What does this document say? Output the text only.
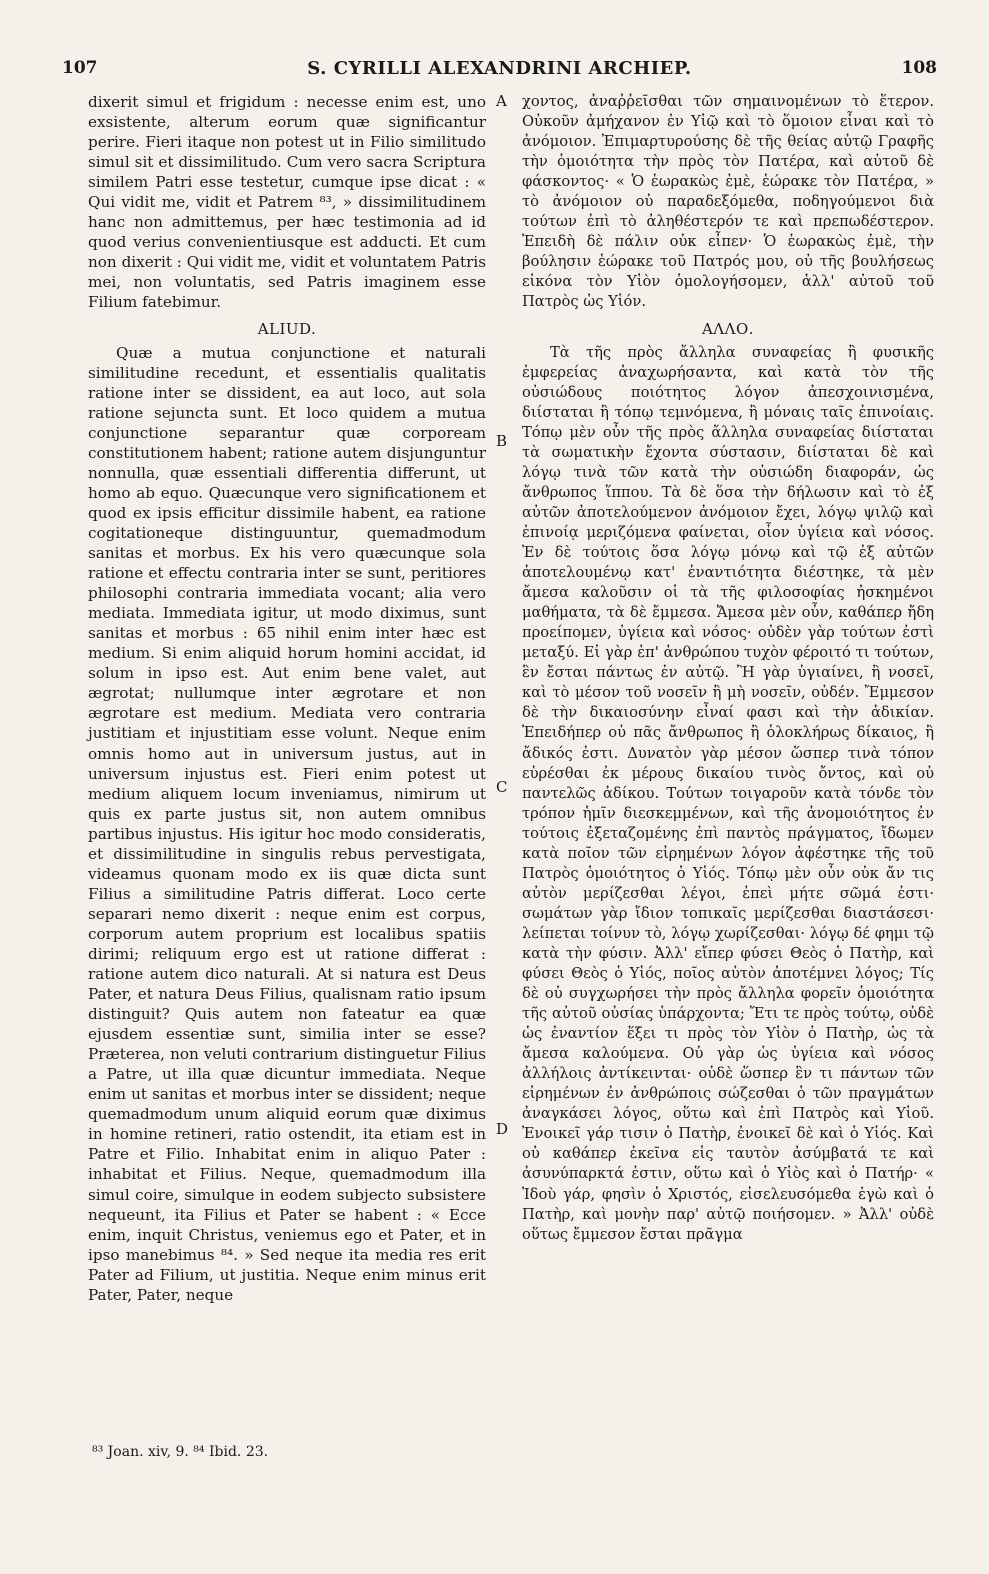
107	S. CYRILLI ALEXANDRINI ARCHIEP.	108

dixerit simul et frigidum : necesse enim est, uno exsistente, alterum eorum quæ significantur perire. Fieri itaque non potest ut in Filio similitudo simul sit et dissimilitudo. Cum vero sacra Scriptura similem Patri esse testetur, cumque ipse dicat : « Qui vidit me, vidit et Patrem ⁸³, » dissimilitudinem hanc non admittemus, per hæc testimonia ad id quod verius convenientiusque est adducti. Et cum non dixerit : Qui vidit me, vidit et voluntatem Patris mei, non voluntatis, sed Patris imaginem esse Filium fatebimur.

ALIUD.

Quæ a mutua conjunctione et naturali similitudine recedunt, et essentialis qualitatis ratione inter se dissident, ea aut loco, aut sola ratione sejuncta sunt. Et loco quidem a mutua conjunctione separantur quæ corpoream constitutionem habent; ratione autem disjunguntur nonnulla, quæ essentiali differentia differunt, ut homo ab equo. Quæcunque vero significationem et quod ex ipsis efficitur dissimile habent, ea ratione cogitationeque distinguuntur, quemadmodum sanitas et morbus. Ex his vero quæcunque sola ratione et effectu contraria inter se sunt, peritiores philosophi contraria immediata vocant; alia vero mediata. Immediata igitur, ut modo diximus, sunt sanitas et morbus : 65 nihil enim inter hæc est medium. Si enim aliquid horum homini accidat, id solum in ipso est. Aut enim bene valet, aut ægrotat; nullumque inter ægrotare et non ægrotare est medium. Mediata vero contraria justitiam et injustitiam esse volunt. Neque enim omnis homo aut in universum justus, aut in universum injustus est. Fieri enim potest ut medium aliquem locum inveniamus, nimirum ut quis ex parte justus sit, non autem omnibus partibus injustus. His igitur hoc modo consideratis, et dissimilitudine in singulis rebus pervestigata, videamus quonam modo ex iis quæ dicta sunt Filius a similitudine Patris differat. Loco certe separari nemo dixerit : neque enim est corpus, corporum autem proprium est localibus spatiis dirimi; reliquum ergo est ut ratione differat : ratione autem dico naturali. At si natura est Deus Pater, et natura Deus Filius, qualisnam ratio ipsum distinguit? Quis autem non fateatur ea quæ ejusdem essentiæ sunt, similia inter se esse? Præterea, non veluti contrarium distinguetur Filius a Patre, ut illa quæ dicuntur immediata. Neque enim ut sanitas et morbus inter se dissident; neque quemadmodum unum aliquid eorum quæ diximus in homine retineri, ratio ostendit, ita etiam est in Patre et Filio. Inhabitat enim in aliquo Pater : inhabitat et Filius. Neque, quemadmodum illa simul coire, simulque in eodem subjecto subsistere nequeunt, ita Filius et Pater se habent : « Ecce enim, inquit Christus, veniemus ego et Pater, et in ipso manebimus ⁸⁴. » Sed neque ita media res erit Pater ad Filium, ut justitia. Neque enim minus erit Pater, Pater, neque

χοντος, ἀναῤῥεῖσθαι τῶν σημαινομένων τὸ ἕτερον. Οὐκοῦν ἀμήχανον ἐν Υἱῷ καὶ τὸ ὅμοιον εἶναι καὶ τὸ ἀνόμοιον. Ἐπιμαρτυρούσης δὲ τῆς θείας αὐτῷ Γραφῆς τὴν ὁμοιότητα τὴν πρὸς τὸν Πατέρα, καὶ αὐτοῦ δὲ φάσκοντος· « Ὁ ἑωρακὼς ἐμὲ, ἑώρακε τὸν Πατέρα, » τὸ ἀνόμοιον οὐ παραδεξόμεθα, ποδηγούμενοι διὰ τούτων ἐπὶ τὸ ἀληθέστερόν τε καὶ πρεπωδέστερον. Ἐπειδὴ δὲ πάλιν οὐκ εἶπεν· Ὁ ἑωρακὼς ἐμὲ, τὴν βούλησιν ἑώρακε τοῦ Πατρός μου, οὐ τῆς βουλήσεως εἰκόνα τὸν Υἱὸν ὁμολογήσομεν, ἀλλ' αὐτοῦ τοῦ Πατρὸς ὡς Υἱόν.

ΑΛΛΟ.

Τὰ τῆς πρὸς ἄλληλα συναφείας ἢ φυσικῆς ἐμφερείας ἀναχωρήσαντα, καὶ κατὰ τὸν τῆς οὐσιώδους ποιότητος λόγον ἀπεσχοινισμένα, διίσταται ἢ τόπῳ τεμνόμενα, ἢ μόναις ταῖς ἐπινοίαις. Τόπῳ μὲν οὖν τῆς πρὸς ἄλληλα συναφείας διίσταται τὰ σωματικὴν ἔχοντα σύστασιν, διίσταται δὲ καὶ λόγῳ τινὰ τῶν κατὰ τὴν οὐσιώδη διαφοράν, ὡς ἄνθρωπος ἵππου. Τὰ δὲ ὅσα τὴν δήλωσιν καὶ τὸ ἐξ αὐτῶν ἀποτελούμενον ἀνόμοιον ἔχει, λόγῳ ψιλῷ καὶ ἐπινοίᾳ μεριζόμενα φαίνεται, οἷον ὑγίεια καὶ νόσος. Ἐν δὲ τούτοις ὅσα λόγῳ μόνῳ καὶ τῷ ἐξ αὐτῶν ἀποτελουμένῳ κατ' ἐναντιότητα διέστηκε, τὰ μὲν ἄμεσα καλοῦσιν οἱ τὰ τῆς φιλοσοφίας ἠσκημένοι μαθήματα, τὰ δὲ ἔμμεσα. Ἄμεσα μὲν οὖν, καθάπερ ἤδη προείπομεν, ὑγίεια καὶ νόσος· οὐδὲν γὰρ τούτων ἐστὶ μεταξύ. Εἰ γὰρ ἐπ' ἀνθρώπου τυχὸν φέροιτό τι τούτων, ἓν ἔσται πάντως ἐν αὐτῷ. Ἢ γὰρ ὑγιαίνει, ἢ νοσεῖ, καὶ τὸ μέσον τοῦ νοσεῖν ἢ μὴ νοσεῖν, οὐδέν. Ἔμμεσον δὲ τὴν δικαιοσύνην εἶναί φασι καὶ τὴν ἀδικίαν. Ἐπειδήπερ οὐ πᾶς ἄνθρωπος ἢ ὁλοκλήρως δίκαιος, ἢ ἄδικός ἐστι. Δυνατὸν γὰρ μέσον ὥσπερ τινὰ τόπον εὑρέσθαι ἐκ μέρους δικαίου τινὸς ὄντος, καὶ οὐ παντελῶς ἀδίκου. Τούτων τοιγαροῦν κατὰ τόνδε τὸν τρόπον ἡμῖν διεσκεμμένων, καὶ τῆς ἀνομοιότητος ἐν τούτοις ἐξεταζομένης ἐπὶ παντὸς πράγματος, ἴδωμεν κατὰ ποῖον τῶν εἰρημένων λόγον ἀφέστηκε τῆς τοῦ Πατρὸς ὁμοιότητος ὁ Υἱός. Τόπῳ μὲν οὖν οὐκ ἄν τις αὐτὸν μερίζεσθαι λέγοι, ἐπεὶ μήτε σῶμά ἐστι· σωμάτων γὰρ ἴδιον τοπικαῖς μερίζεσθαι διαστάσεσι· λείπεται τοίνυν τὸ, λόγῳ χωρίζεσθαι· λόγῳ δέ φημι τῷ κατὰ τὴν φύσιν. Ἀλλ' εἴπερ φύσει Θεὸς ὁ Πατὴρ, καὶ φύσει Θεὸς ὁ Υἱός, ποῖος αὐτὸν ἀποτέμνει λόγος; Τίς δὲ οὐ συγχωρήσει τὴν πρὸς ἄλληλα φορεῖν ὁμοιότητα τῆς αὐτοῦ οὐσίας ὑπάρχοντα; Ἔτι τε πρὸς τούτῳ, οὐδὲ ὡς ἐναντίον ἕξει τι πρὸς τὸν Υἱὸν ὁ Πατὴρ, ὡς τὰ ἄμεσα καλούμενα. Οὐ γὰρ ὡς ὑγίεια καὶ νόσος ἀλλήλοις ἀντίκεινται· οὐδὲ ὥσπερ ἓν τι πάντων τῶν εἰρημένων ἐν ἀνθρώποις σώζεσθαι ὁ τῶν πραγμάτων ἀναγκάσει λόγος, οὕτω καὶ ἐπὶ Πατρὸς καὶ Υἱοῦ. Ἐνοικεῖ γάρ τισιν ὁ Πατὴρ, ἐνοικεῖ δὲ καὶ ὁ Υἱός. Καὶ οὐ καθάπερ ἐκεῖνα εἰς ταυτὸν ἀσύμβατά τε καὶ ἀσυνύπαρκτά ἐστιν, οὕτω καὶ ὁ Υἱὸς καὶ ὁ Πατήρ· « Ἰδοὺ γάρ, φησὶν ὁ Χριστός, εἰσελευσόμεθα ἐγὼ καὶ ὁ Πατὴρ, καὶ μονὴν παρ' αὐτῷ ποιήσομεν. » Ἀλλ' οὐδὲ οὕτως ἔμμεσον ἔσται πρᾶγμα

A
B
C
D
⁸³ Joan. xiv, 9. ⁸⁴ Ibid. 23.
